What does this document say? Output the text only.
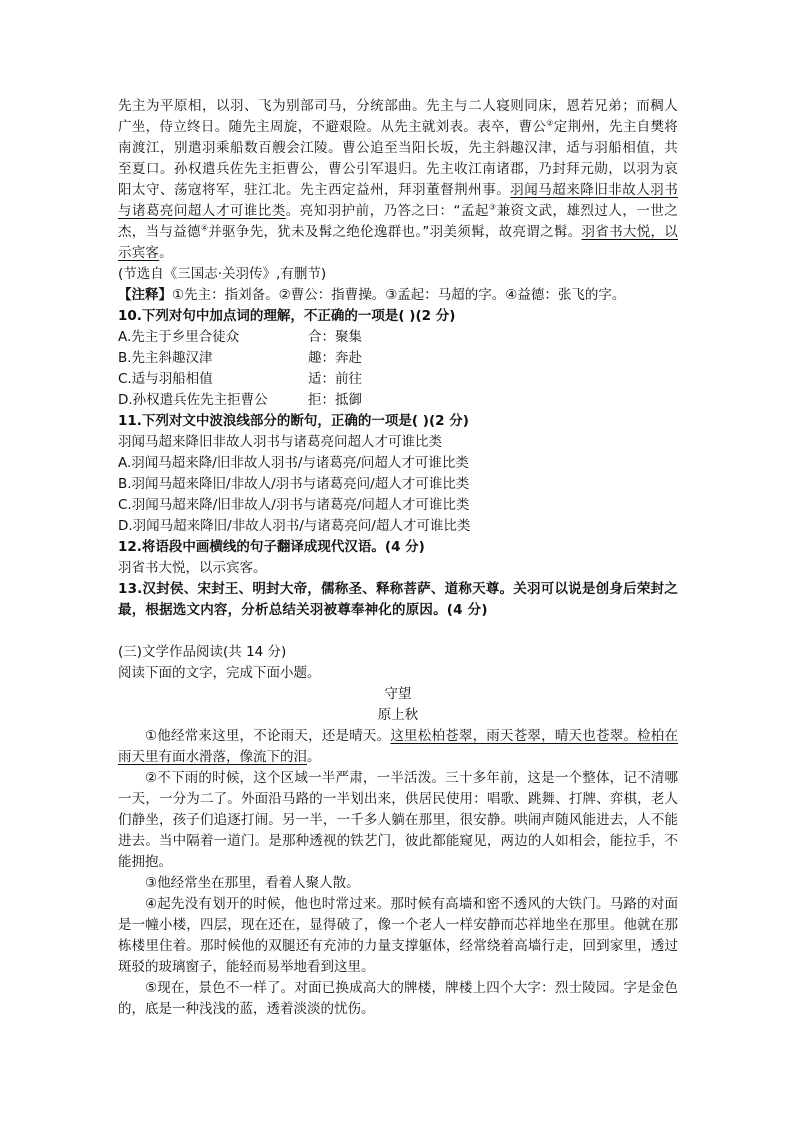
先主为平原相，以羽、飞为别部司马，分统部曲。先主与二人寝则同床，恩若兄弟；而稠人广坐，侍立终日。随先主周旋，不避艰险。从先主就刘表。表卒，曹公②定荆州，先主自樊将南渡江，别遣羽乘船数百艘会江陵。曹公追至当阳长坂，先主斜趣汉津，适与羽船相值，共至夏口。孙权遣兵佐先主拒曹公，曹公引军退归。先主收江南诸郡，乃封拜元勋，以羽为哀阳太守、荡寇将军，驻江北。先主西定益州，拜羽董督荆州事。羽闻马超来降旧非故人羽书与诸葛亮问超人才可谁比类。亮知羽护前，乃答之曰：“孟起③兼资文武，雄烈过人，一世之杰，当与益德④并驱争先，犹未及髯之绝伦逸群也。”羽美须髯，故亮谓之髯。羽省书大悦，以示宾客。

(节选自《三国志·关羽传》,有删节)

【注释】①先主：指刘备。②曹公：指曹操。③孟起：马超的字。④益德：张飞的字。

10.下列对句中加点词的理解，不正确的一项是( )(2 分)

A.先主于乡里合徒众	合：聚集
B.先主斜趣汉津	趣：奔赴
C.适与羽船相值	适：前往
D.孙权遣兵佐先主拒曹公	拒：抵御

11.下列对文中波浪线部分的断句，正确的一项是( )(2 分)

羽闻马超来降旧非故人羽书与诸葛亮问超人才可谁比类

A.羽闻马超来降/旧非故人羽书/与诸葛亮/问超人才可谁比类

B.羽闻马超来降旧/非故人/羽书与诸葛亮问/超人才可谁比类

C.羽闻马超来降/旧非故人/羽书与诸葛亮/问超人才可谁比类

D.羽闻马超来降旧/非故人羽书/与诸葛亮问/超人才可谁比类

12.将语段中画横线的句子翻译成现代汉语。(4 分)

羽省书大悦，以示宾客。

13.汉封侯、宋封王、明封大帝，儒称圣、释称菩萨、道称天尊。关羽可以说是创身后荣封之最，根据选文内容，分析总结关羽被尊奉神化的原因。(4 分)

(三)文学作品阅读(共 14 分)

阅读下面的文字，完成下面小题。

守望

原上秋

①他经常来这里，不论雨天，还是晴天。这里松柏苍翠，雨天苍翠，晴天也苍翠。检柏在雨天里有面水滑落，像流下的泪。

②不下雨的时候，这个区域一半严肃，一半活泼。三十多年前，这是一个整体，记不清哪一天，一分为二了。外面沿马路的一半划出来，供居民使用：唱歌、跳舞、打牌、弈棋，老人们静坐，孩子们追逐打闹。另一半，一千多人躺在那里，很安静。哄闹声随风能进去，人不能进去。当中隔着一道门。是那种透视的铁艺门，彼此都能窥见，两边的人如相会，能拉手，不能拥抱。

③他经常坐在那里，看着人聚人散。

④起先没有划开的时候，他也时常过来。那时候有高墙和密不透风的大铁门。马路的对面是一幢小楼，四层，现在还在，显得破了，像一个老人一样安静而芯祥地坐在那里。他就在那栋楼里住着。那时候他的双腿还有充沛的力量支撑躯体，经常绕着高墙行走，回到家里，透过斑驳的玻璃窗子，能轻而易举地看到这里。

⑤现在，景色不一样了。对面已换成高大的牌楼，牌楼上四个大字：烈士陵园。字是金色的，底是一种浅浅的蓝，透着淡淡的忧伤。
